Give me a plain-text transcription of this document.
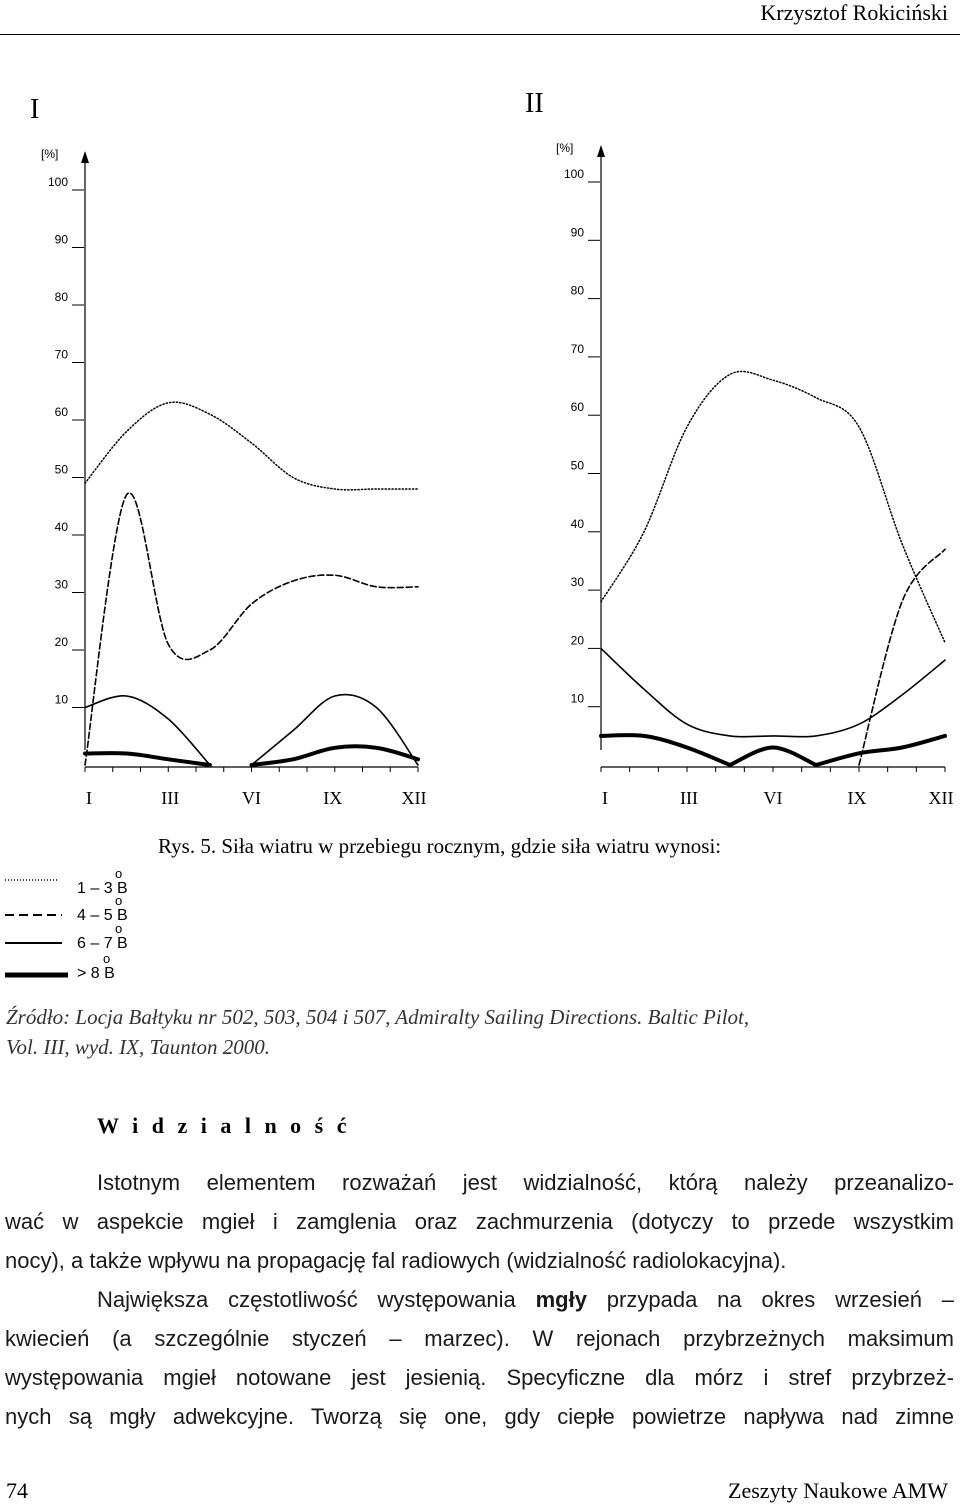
Krzysztof Rokiciński
I
[%]
10
20
30
40
50
60
70
80
90
100
I	III	VI	IX	XII
II
[%]
10
20
30
40
50
60
70
80
90
100
I	III	VI	IX	XII
Rys. 5. Siła wiatru w przebiegu rocznym, gdzie siła wiatru wynosi:
1 – 3 B
o
4 – 5 B
o
6 – 7 B
o
> 8 B
o
Źródło: Locja Bałtyku nr 502, 503, 504 i 507, Admiralty Sailing Directions. Baltic Pilot,
Vol. III, wyd. IX, Taunton 2000.
W i d z i a l n o ś ć
Istotnym elementem rozważań jest widzialność, którą należy przeanalizo-
wać w aspekcie mgieł i zamglenia oraz zachmurzenia (dotyczy to przede wszystkim
nocy), a także wpływu na propagację fal radiowych (widzialność radiolokacyjna).
Największa częstotliwość występowania mgły przypada na okres wrzesień –
kwiecień (a szczególnie styczeń – marzec). W rejonach przybrzeżnych maksimum
występowania mgieł notowane jest jesienią. Specyficzne dla mórz i stref przybrzeż-
nych są mgły adwekcyjne. Tworzą się one, gdy ciepłe powietrze napływa nad zimne
74	Zeszyty Naukowe AMW
